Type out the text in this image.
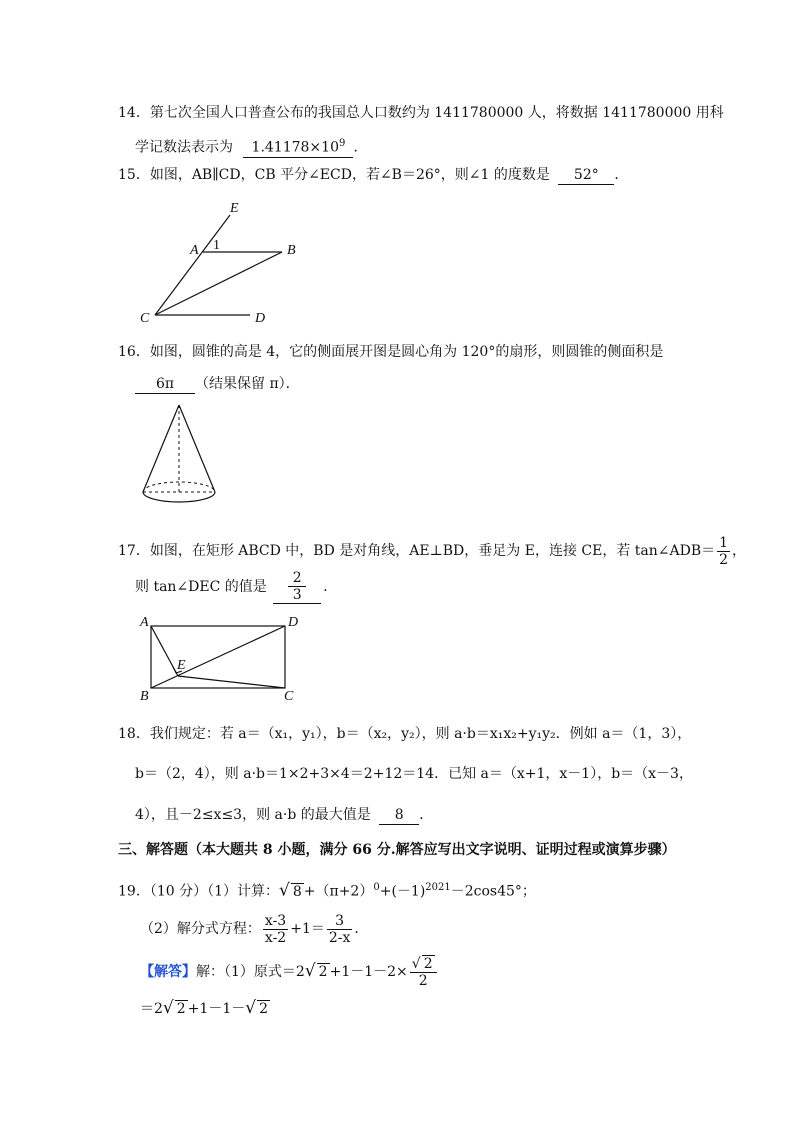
14．第七次全国人口普查公布的我国总人口数约为 1411780000 人，将数据 1411780000 用科
学记数法表示为 $1.41178\times 10^9$ ．
15．如图，AB∥CD，CB 平分∠ECD，若∠B＝26°，则∠1 的度数是 52° ．
E
A 1	B
C	D
16．如图，圆锥的高是 4，它的侧面展开图是圆心角为 120°的扇形，则圆锥的侧面积是
6π （结果保留 π）．
17．如图，在矩形 ABCD 中，BD 是对角线，AE⊥BD，垂足为 E，连接 CE，若 tan∠ADB＝ $\frac{1}{2}$ ，
则 tan∠DEC 的值是 $\frac{2}{3}$ ．
A	D
E
B	C
18．我们规定：若 a＝（x₁，y₁），b＝（x₂，y₂），则 a·b＝x₁x₂+y₁y₂．例如 a＝（1，3），
b＝（2，4），则 a·b＝1×2+3×4＝2+12＝14．已知 a＝（x+1，x－1），b＝（x－3，
4），且－2≤x≤3，则 a·b 的最大值是 8 ．
三、解答题（本大题共 8 小题，满分 66 分.解答应写出文字说明、证明过程或演算步骤）
19．（10 分）（1）计算：√ $8 +(\pi+2)^0+(-1)^{2021}-2\cos 45^\circ$；
（2）解分式方程： $\frac{x-3}{x-2} +1= \frac{3}{2-x}$ ．
【解答】解：（1）原式＝2√ $2 +1-1-2\times \frac{√ 2}{2}$
＝2√ 2 +1－1－√ 2
